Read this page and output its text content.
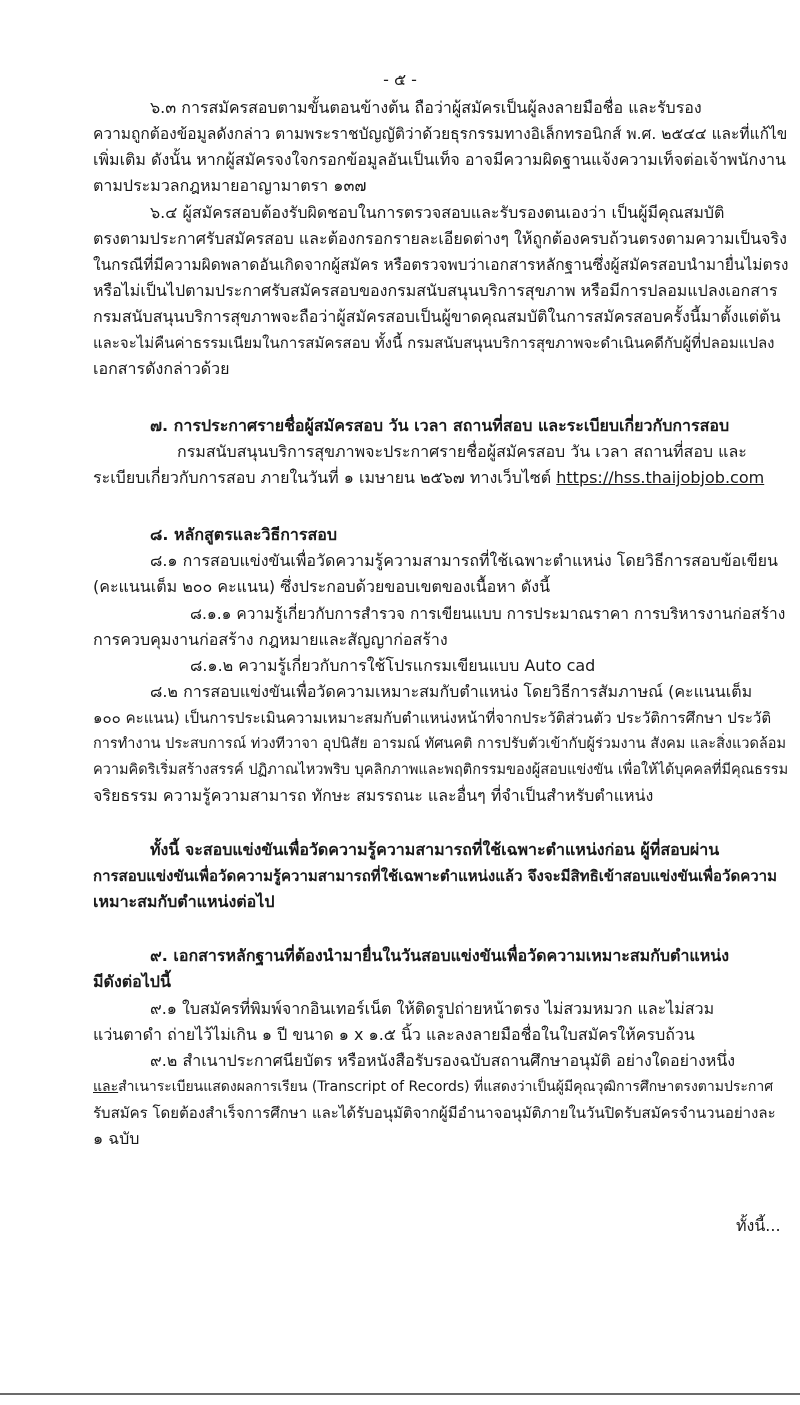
- ๕ -
๖.๓ การสมัครสอบตามขั้นตอนข้างต้น ถือว่าผู้สมัครเป็นผู้ลงลายมือชื่อ และรับรอง
ความถูกต้องข้อมูลดังกล่าว ตามพระราชบัญญัติว่าด้วยธุรกรรมทางอิเล็กทรอนิกส์ พ.ศ. ๒๕๔๔ และที่แก้ไข
เพิ่มเติม ดังนั้น หากผู้สมัครจงใจกรอกข้อมูลอันเป็นเท็จ อาจมีความผิดฐานแจ้งความเท็จต่อเจ้าพนักงาน
ตามประมวลกฎหมายอาญามาตรา ๑๓๗
๖.๔ ผู้สมัครสอบต้องรับผิดชอบในการตรวจสอบและรับรองตนเองว่า เป็นผู้มีคุณสมบัติ
ตรงตามประกาศรับสมัครสอบ และต้องกรอกรายละเอียดต่างๆ ให้ถูกต้องครบถ้วนตรงตามความเป็นจริง
ในกรณีที่มีความผิดพลาดอันเกิดจากผู้สมัคร หรือตรวจพบว่าเอกสารหลักฐานซึ่งผู้สมัครสอบนำมายื่นไม่ตรง
หรือไม่เป็นไปตามประกาศรับสมัครสอบของกรมสนับสนุนบริการสุขภาพ หรือมีการปลอมแปลงเอกสาร
กรมสนับสนุนบริการสุขภาพจะถือว่าผู้สมัครสอบเป็นผู้ขาดคุณสมบัติในการสมัครสอบครั้งนี้มาตั้งแต่ต้น
และจะไม่คืนค่าธรรมเนียมในการสมัครสอบ ทั้งนี้ กรมสนับสนุนบริการสุขภาพจะดำเนินคดีกับผู้ที่ปลอมแปลง
เอกสารดังกล่าวด้วย
๗. การประกาศรายชื่อผู้สมัครสอบ วัน เวลา สถานที่สอบ และระเบียบเกี่ยวกับการสอบ
กรมสนับสนุนบริการสุขภาพจะประกาศรายชื่อผู้สมัครสอบ วัน เวลา สถานที่สอบ และ
ระเบียบเกี่ยวกับการสอบ ภายในวันที่ ๑ เมษายน ๒๕๖๗ ทางเว็บไซต์ https://hss.thaijobjob.com
๘. หลักสูตรและวิธีการสอบ
๘.๑ การสอบแข่งขันเพื่อวัดความรู้ความสามารถที่ใช้เฉพาะตำแหน่ง โดยวิธีการสอบข้อเขียน
(คะแนนเต็ม ๒๐๐ คะแนน) ซึ่งประกอบด้วยขอบเขตของเนื้อหา ดังนี้
๘.๑.๑ ความรู้เกี่ยวกับการสำรวจ การเขียนแบบ การประมาณราคา การบริหารงานก่อสร้าง
การควบคุมงานก่อสร้าง กฎหมายและสัญญาก่อสร้าง
๘.๑.๒ ความรู้เกี่ยวกับการใช้โปรแกรมเขียนแบบ Auto cad
๘.๒ การสอบแข่งขันเพื่อวัดความเหมาะสมกับตำแหน่ง โดยวิธีการสัมภาษณ์ (คะแนนเต็ม
๑๐๐ คะแนน) เป็นการประเมินความเหมาะสมกับตำแหน่งหน้าที่จากประวัติส่วนตัว ประวัติการศึกษา ประวัติ
การทำงาน ประสบการณ์ ท่วงทีวาจา อุปนิสัย อารมณ์ ทัศนคติ การปรับตัวเข้ากับผู้ร่วมงาน สังคม และสิ่งแวดล้อม
ความคิดริเริ่มสร้างสรรค์ ปฏิภาณไหวพริบ บุคลิกภาพและพฤติกรรมของผู้สอบแข่งขัน เพื่อให้ได้บุคคลที่มีคุณธรรม
จริยธรรม ความรู้ความสามารถ ทักษะ สมรรถนะ และอื่นๆ ที่จำเป็นสำหรับตำแหน่ง
ทั้งนี้ จะสอบแข่งขันเพื่อวัดความรู้ความสามารถที่ใช้เฉพาะตำแหน่งก่อน ผู้ที่สอบผ่าน
การสอบแข่งขันเพื่อวัดความรู้ความสามารถที่ใช้เฉพาะตำแหน่งแล้ว จึงจะมีสิทธิเข้าสอบแข่งขันเพื่อวัดความ
เหมาะสมกับตำแหน่งต่อไป
๙. เอกสารหลักฐานที่ต้องนำมายื่นในวันสอบแข่งขันเพื่อวัดความเหมาะสมกับตำแหน่ง
มีดังต่อไปนี้
๙.๑ ใบสมัครที่พิมพ์จากอินเทอร์เน็ต ให้ติดรูปถ่ายหน้าตรง ไม่สวมหมวก และไม่สวม
แว่นตาดำ ถ่ายไว้ไม่เกิน ๑ ปี ขนาด ๑ x ๑.๕ นิ้ว และลงลายมือชื่อในใบสมัครให้ครบถ้วน
๙.๒ สำเนาประกาศนียบัตร หรือหนังสือรับรองฉบับสถานศึกษาอนุมัติ อย่างใดอย่างหนึ่ง
และสำเนาระเบียนแสดงผลการเรียน (Transcript of Records) ที่แสดงว่าเป็นผู้มีคุณวุฒิการศึกษาตรงตามประกาศ
รับสมัคร โดยต้องสำเร็จการศึกษา และได้รับอนุมัติจากผู้มีอำนาจอนุมัติภายในวันปิดรับสมัครจำนวนอย่างละ
๑ ฉบับ
ทั้งนี้...
